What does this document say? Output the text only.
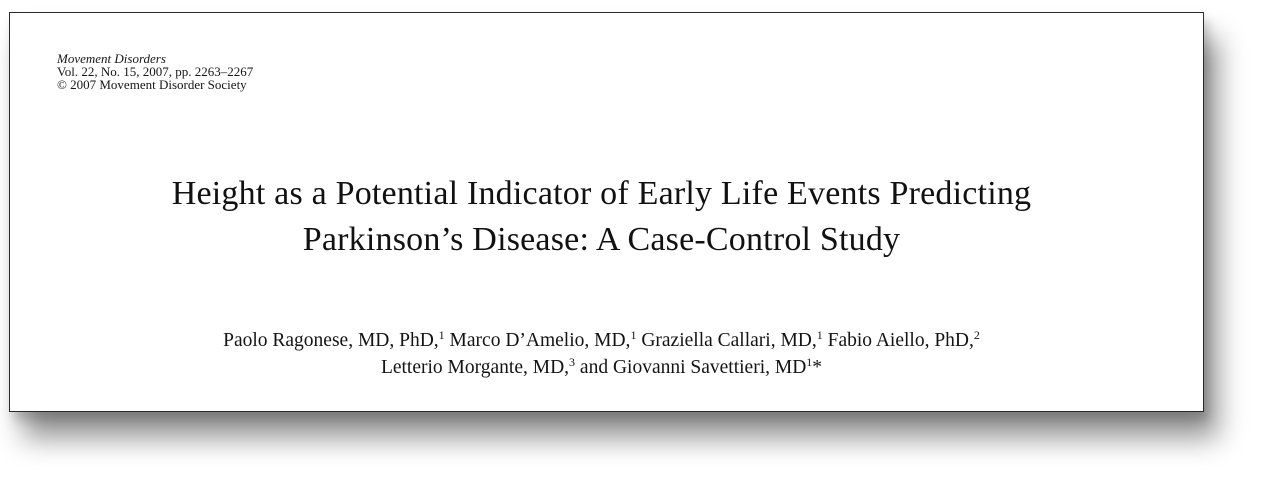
Movement Disorders
Vol. 22, No. 15, 2007, pp. 2263–2267
© 2007 Movement Disorder Society
Height as a Potential Indicator of Early Life Events Predicting
Parkinson’s Disease: A Case-Control Study
Paolo Ragonese, MD, PhD,$^1$ Marco D’Amelio, MD,$^1$ Graziella Callari, MD,$^1$ Fabio Aiello, PhD,$^2$
Letterio Morgante, MD,$^3$ and Giovanni Savettieri, $MD^1*$
